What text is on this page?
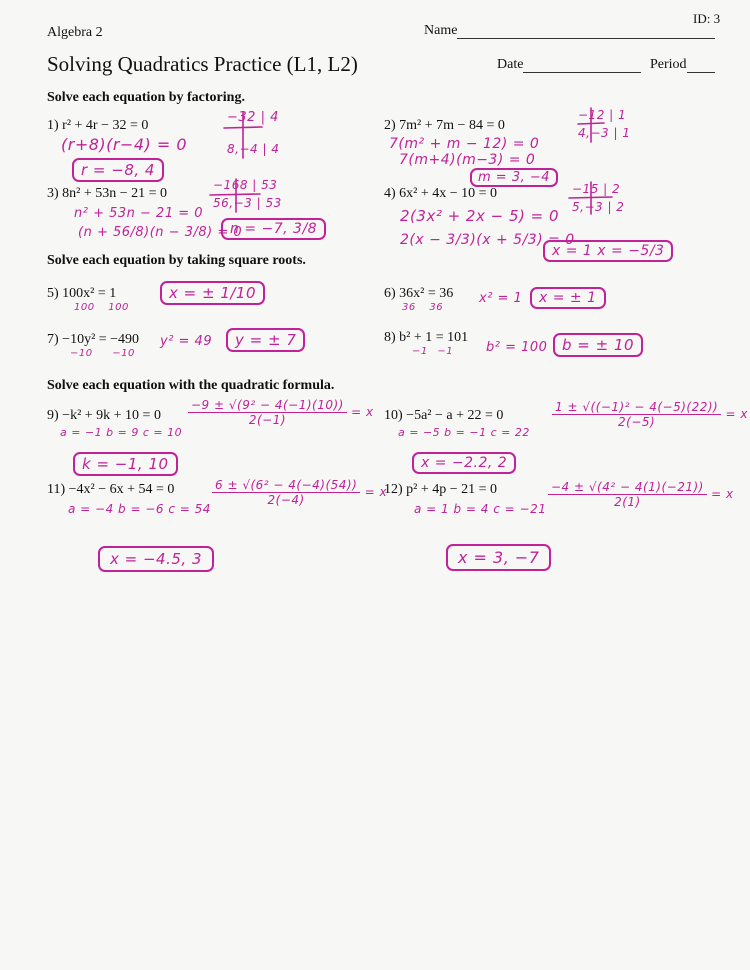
ID: 3
Algebra 2	Name
Solving Quadratics Practice (L1, L2)	Date	Period
Solve each equation by factoring.
Solve each equation by taking square roots.
Solve each equation with the quadratic formula.
1) r² + 4r − 32 = 0
−32 | 4
8,−4 | 4
(r+8)(r−4) = 0
r = −8, 4
2) 7m² + 7m − 84 = 0
−12 | 1
4,−3 | 1
7(m² + m − 12) = 0
7(m+4)(m−3) = 0
m = 3, −4
3) 8n² + 53n − 21 = 0
−168 | 53
56,−3 | 53
n² + 53n − 21 = 0
(n + 56/8)(n − 3/8) = 0
n = −7, 3/8
4) 6x² + 4x − 10 = 0	−15 | 2
5,−3 | 2
2(3x² + 2x − 5) = 0
2(x − 3/3)(x + 5/3) = 0
x = 1 x = −5/3
5) 100x² = 1
100 100
x = ± 1/10	6) 36x² = 36
36 36
x² = 1	x = ± 1
7) −10y² = −490
−10 −10
y² = 49	y = ± 7	8) b² + 1 = 101
−1 −1	b² = 100 b = ± 10
9) −k² + 9k + 10 = 0
a = −1 b = 9 c = 10
$\frac{\text{−9 ± √(9² − 4(−1)(10))}}{2(-1)} = x$
k = −1, 10
10) −5a² − a + 22 = 0
a = −5 b = −1 c = 22
$\frac{\text{1 ± √((−1)² − 4(−5)(22))}}{2(-5)} = x$
x = −2.2, 2
11) −4x² − 6x + 54 = 0
a = −4 b = −6 c = 54
$\frac{\text{6 ± √(6² − 4(−4)(54))}}{2(-4)} = x$
x = −4.5, 3
12) p² + 4p − 21 = 0
a = 1 b = 4 $c = -21 \frac{\text{−4 ± √(4² − 4(1)(−21))}}{2(1)} = x$
x = 3, −7
